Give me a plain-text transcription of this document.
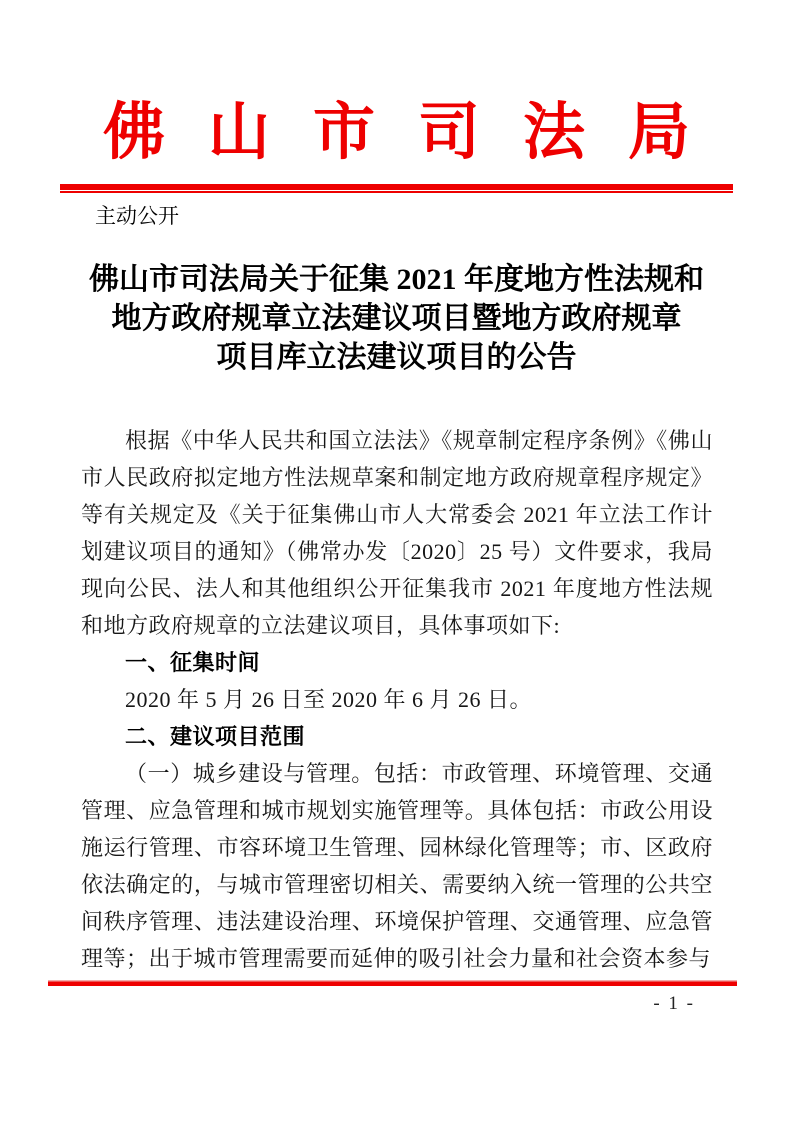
佛山市司法局
主动公开
佛山市司法局关于征集 2021 年度地方性法规和
地方政府规章立法建议项目暨地方政府规章
项目库立法建议项目的公告

根据《中华人民共和国立法法》《规章制定程序条例》《佛山市人民政府拟定地方性法规草案和制定地方政府规章程序规定》等有关规定及《关于征集佛山市人大常委会 2021 年立法工作计划建议项目的通知》（佛常办发〔2020〕25 号）文件要求，我局现向公民、法人和其他组织公开征集我市 2021 年度地方性法规和地方政府规章的立法建议项目，具体事项如下:

一、征集时间

2020 年 5 月 26 日至 2020 年 6 月 26 日。

二、建议项目范围

（一）城乡建设与管理。包括：市政管理、环境管理、交通管理、应急管理和城市规划实施管理等。具体包括：市政公用设施运行管理、市容环境卫生管理、园林绿化管理等；市、区政府依法确定的，与城市管理密切相关、需要纳入统一管理的公共空间秩序管理、违法建设治理、环境保护管理、交通管理、应急管理等；出于城市管理需要而延伸的吸引社会力量和社会资本参与

- 1 -
